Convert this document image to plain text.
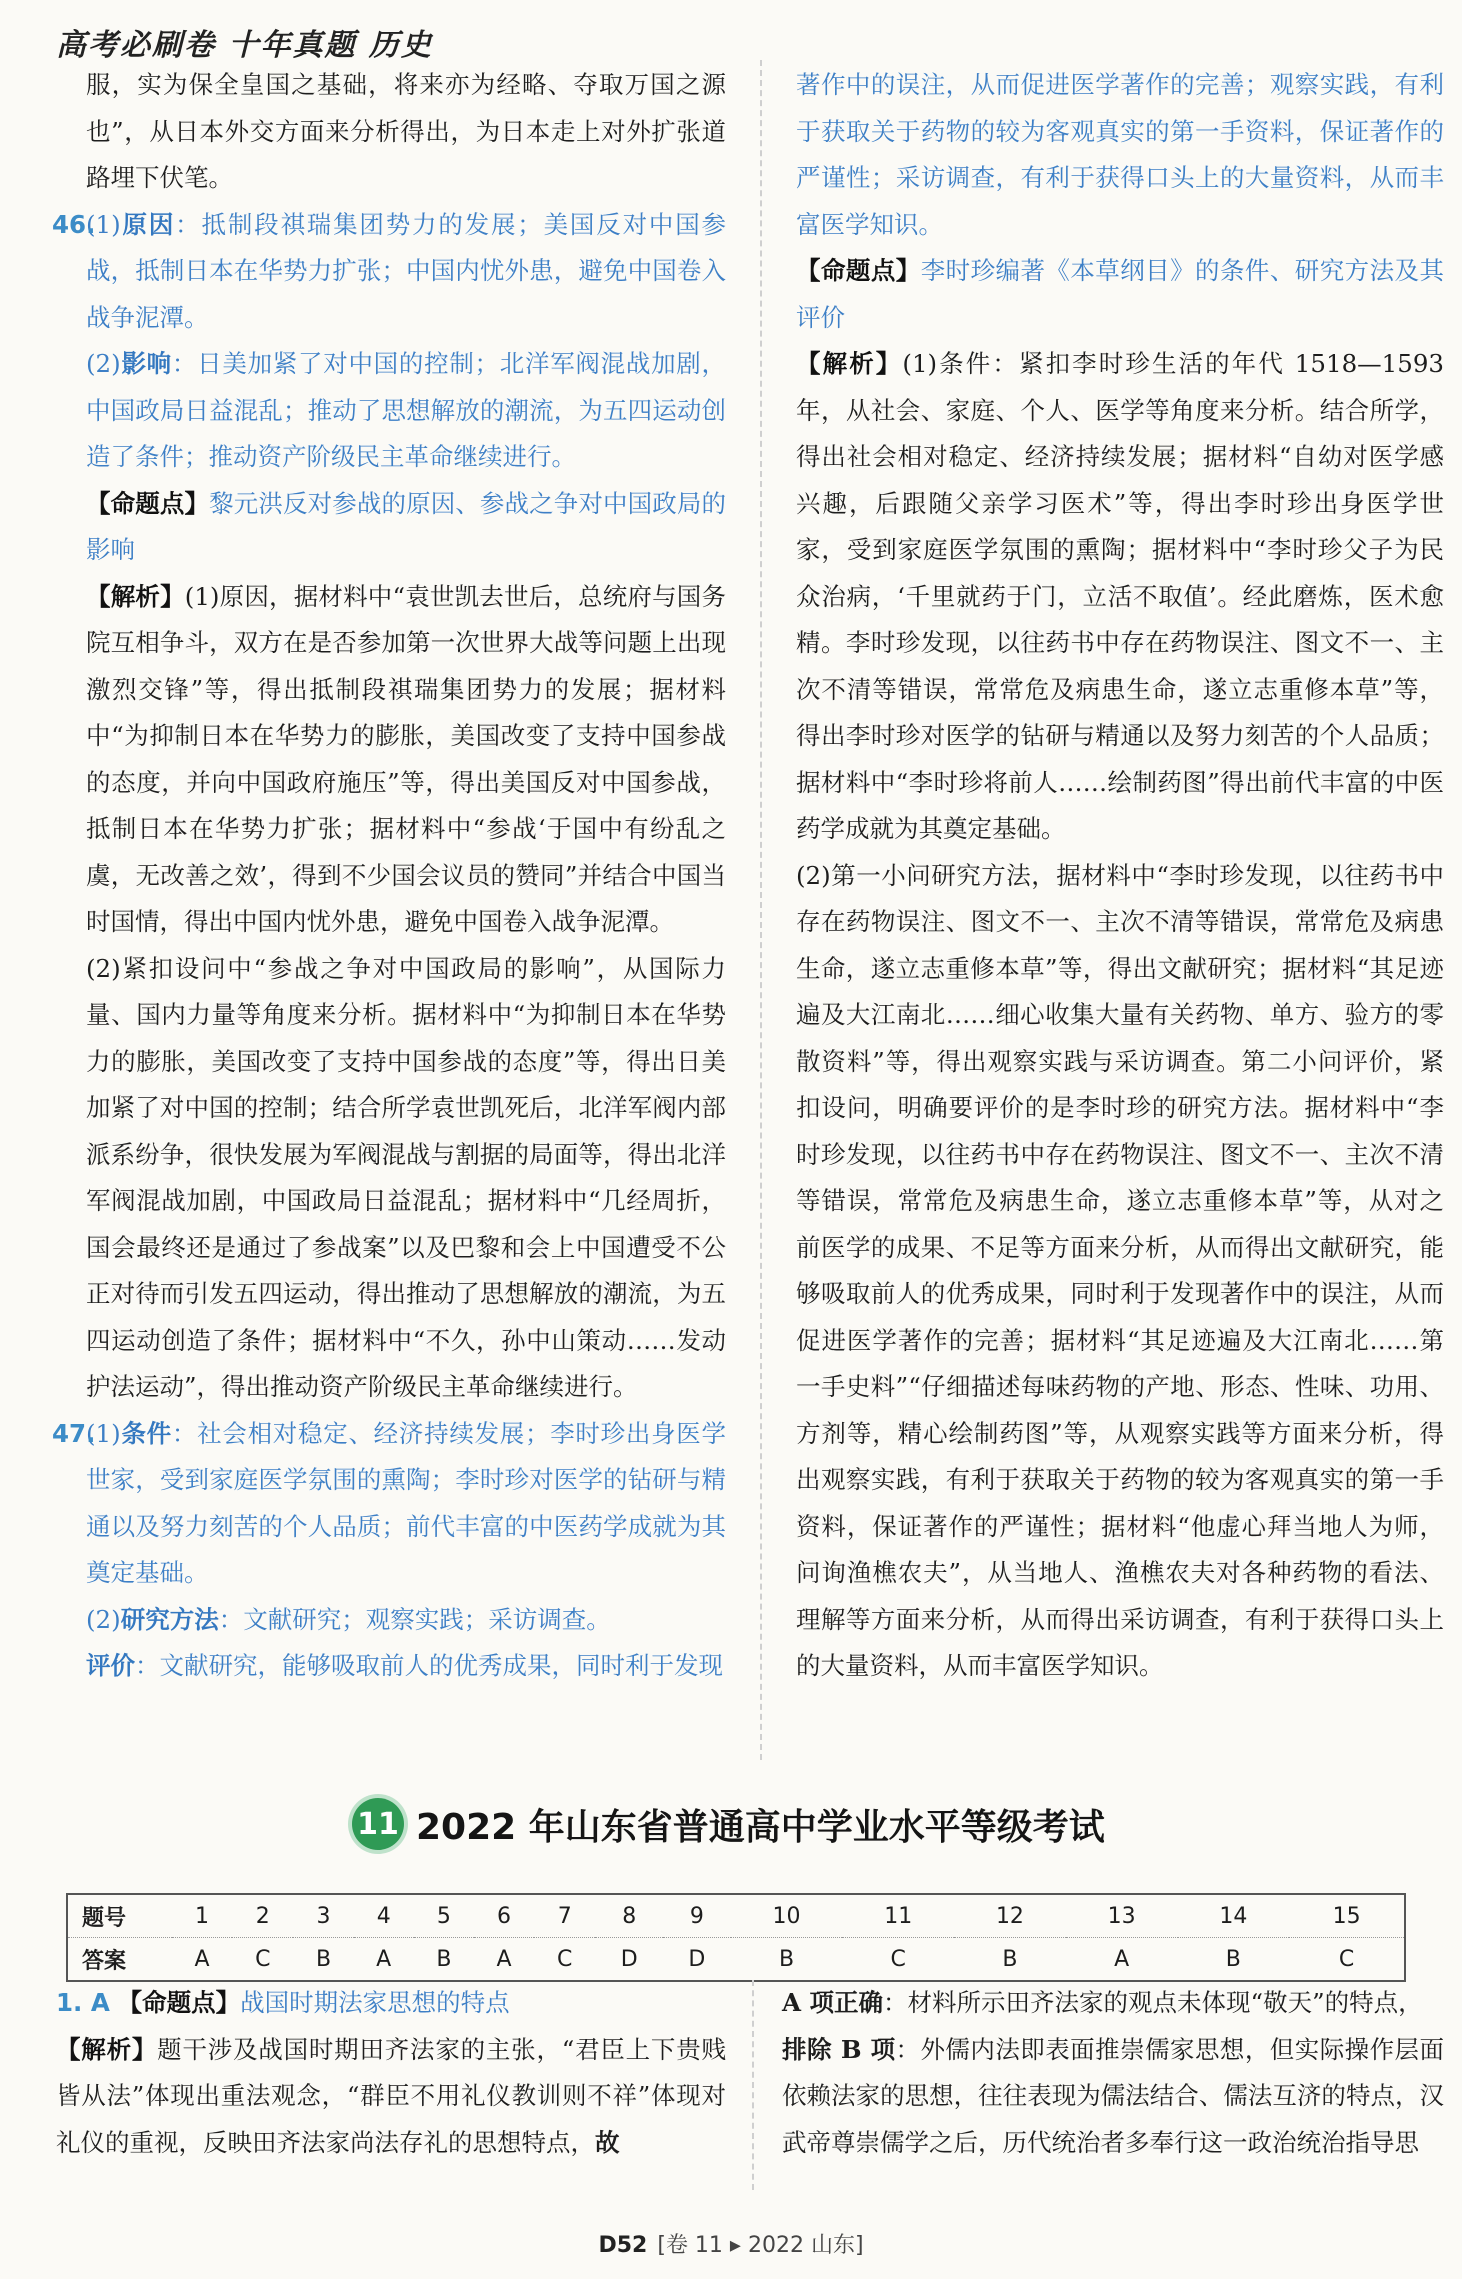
高考必刷卷 十年真题 历史

服，实为保全皇国之基础，将来亦为经略、夺取万国之源也”，从日本外交方面来分析得出，为日本走上对外扩张道路埋下伏笔。

46.
(1)原因：抵制段祺瑞集团势力的发展；美国反对中国参战，抵制日本在华势力扩张；中国内忧外患，避免中国卷入战争泥潭。

(2)影响：日美加紧了对中国的控制；北洋军阀混战加剧，中国政局日益混乱；推动了思想解放的潮流，为五四运动创造了条件；推动资产阶级民主革命继续进行。

【命题点】黎元洪反对参战的原因、参战之争对中国政局的影响

【解析】(1)原因，据材料中“袁世凯去世后，总统府与国务院互相争斗，双方在是否参加第一次世界大战等问题上出现激烈交锋”等，得出抵制段祺瑞集团势力的发展；据材料中“为抑制日本在华势力的膨胀，美国改变了支持中国参战的态度，并向中国政府施压”等，得出美国反对中国参战，抵制日本在华势力扩张；据材料中“参战‘于国中有纷乱之虞，无改善之效’，得到不少国会议员的赞同”并结合中国当时国情，得出中国内忧外患，避免中国卷入战争泥潭。

(2)紧扣设问中“参战之争对中国政局的影响”，从国际力量、国内力量等角度来分析。据材料中“为抑制日本在华势力的膨胀，美国改变了支持中国参战的态度”等，得出日美加紧了对中国的控制；结合所学袁世凯死后，北洋军阀内部派系纷争，很快发展为军阀混战与割据的局面等，得出北洋军阀混战加剧，中国政局日益混乱；据材料中“几经周折，国会最终还是通过了参战案”以及巴黎和会上中国遭受不公正对待而引发五四运动，得出推动了思想解放的潮流，为五四运动创造了条件；据材料中“不久，孙中山策动……发动护法运动”，得出推动资产阶级民主革命继续进行。

47.
(1)条件：社会相对稳定、经济持续发展；李时珍出身医学世家，受到家庭医学氛围的熏陶；李时珍对医学的钻研与精通以及努力刻苦的个人品质；前代丰富的中医药学成就为其奠定基础。

(2)研究方法：文献研究；观察实践；采访调查。

评价：文献研究，能够吸取前人的优秀成果，同时利于发现

著作中的误注，从而促进医学著作的完善；观察实践，有利于获取关于药物的较为客观真实的第一手资料，保证著作的严谨性；采访调查，有利于获得口头上的大量资料，从而丰富医学知识。

【命题点】李时珍编著《本草纲目》的条件、研究方法及其评价

【解析】(1)条件：紧扣李时珍生活的年代 1518—1593 年，从社会、家庭、个人、医学等角度来分析。结合所学，得出社会相对稳定、经济持续发展；据材料“自幼对医学感兴趣，后跟随父亲学习医术”等，得出李时珍出身医学世家，受到家庭医学氛围的熏陶；据材料中“李时珍父子为民众治病，‘千里就药于门，立活不取值’。经此磨炼，医术愈精。李时珍发现，以往药书中存在药物误注、图文不一、主次不清等错误，常常危及病患生命，遂立志重修本草”等，得出李时珍对医学的钻研与精通以及努力刻苦的个人品质；据材料中“李时珍将前人……绘制药图”得出前代丰富的中医药学成就为其奠定基础。

(2)第一小问研究方法，据材料中“李时珍发现，以往药书中存在药物误注、图文不一、主次不清等错误，常常危及病患生命，遂立志重修本草”等，得出文献研究；据材料“其足迹遍及大江南北……细心收集大量有关药物、单方、验方的零散资料”等，得出观察实践与采访调查。第二小问评价，紧扣设问，明确要评价的是李时珍的研究方法。据材料中“李时珍发现，以往药书中存在药物误注、图文不一、主次不清等错误，常常危及病患生命，遂立志重修本草”等，从对之前医学的成果、不足等方面来分析，从而得出文献研究，能够吸取前人的优秀成果，同时利于发现著作中的误注，从而促进医学著作的完善；据材料“其足迹遍及大江南北……第一手史料”“仔细描述每味药物的产地、形态、性味、功用、方剂等，精心绘制药图”等，从观察实践等方面来分析，得出观察实践，有利于获取关于药物的较为客观真实的第一手资料，保证著作的严谨性；据材料“他虚心拜当地人为师，问询渔樵农夫”，从当地人、渔樵农夫对各种药物的看法、理解等方面来分析，从而得出采访调查，有利于获得口头上的大量资料，从而丰富医学知识。

11 2022 年山东省普通高中学业水平等级考试
题号	1	2	3	4	5	6	7	8	9	10	11	12	13	14	15
答案	A	C	B	A	B	A	C	D	D	B	C	B	A	B	C

1. A 【命题点】战国时期法家思想的特点

【解析】题干涉及战国时期田齐法家的主张，“君臣上下贵贱皆从法”体现出重法观念，“群臣不用礼仪教训则不祥”体现对礼仪的重视，反映田齐法家尚法存礼的思想特点，故

A 项正确：材料所示田齐法家的观点未体现“敬天”的特点，

排除 B 项：外儒内法即表面推崇儒家思想，但实际操作层面依赖法家的思想，往往表现为儒法结合、儒法互济的特点，汉武帝尊崇儒学之后，历代统治者多奉行这一政治统治指导思

D52 [卷 11 ▸ 2022 山东]
